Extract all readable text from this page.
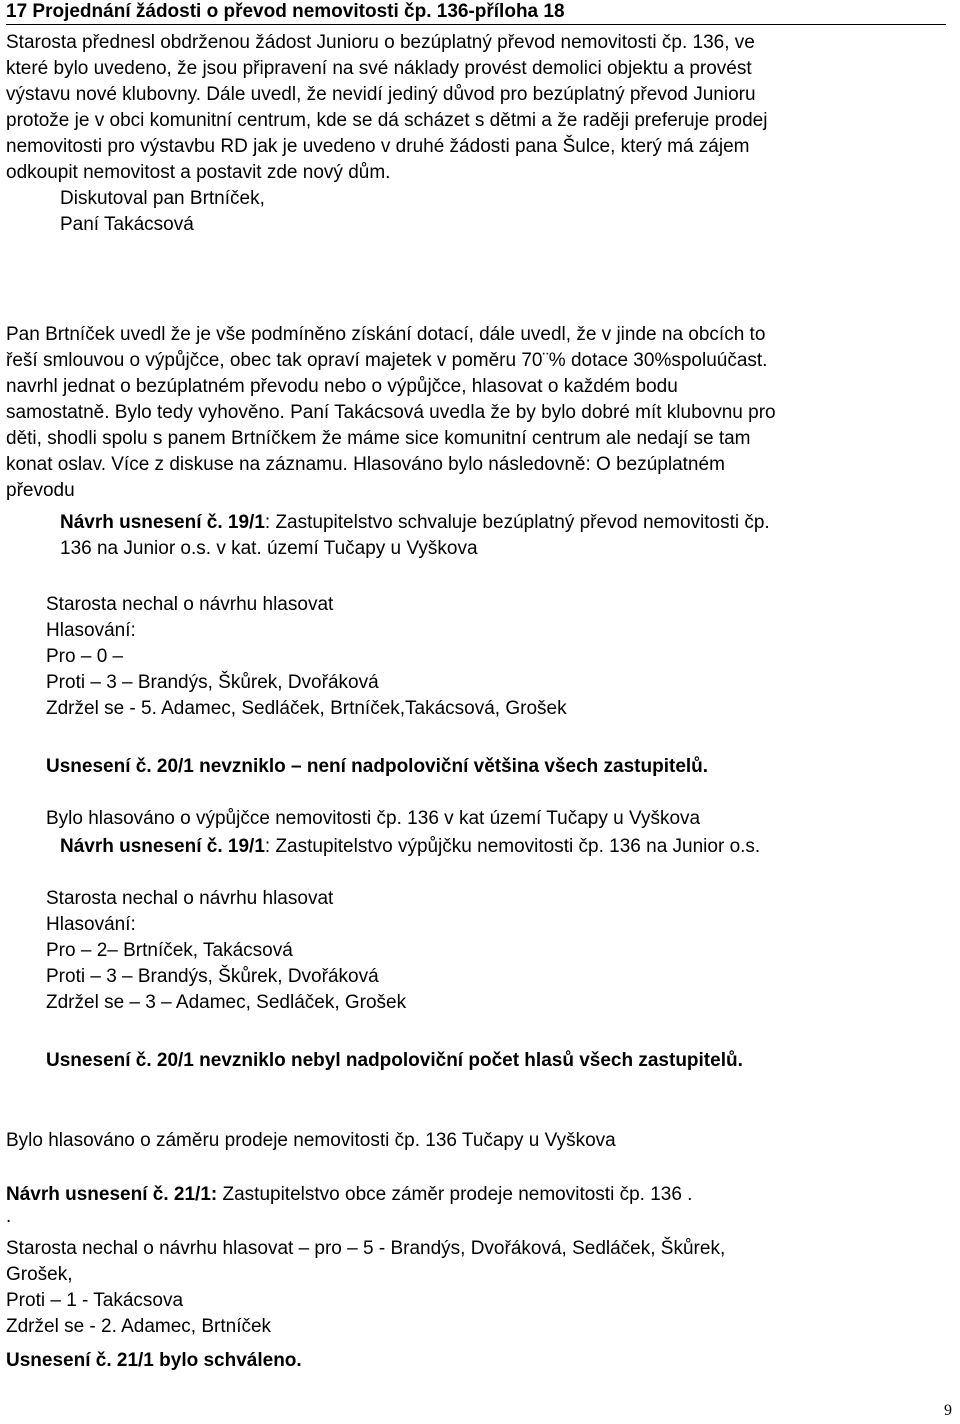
17 Projednání žádosti o převod nemovitosti čp. 136-příloha 18
Starosta přednesl obdrženou žádost Junioru o bezúplatný převod nemovitosti čp. 136, ve
které bylo uvedeno, že jsou připravení na své náklady provést demolici objektu a provést
výstavu nové klubovny. Dále uvedl, že nevidí jediný důvod pro bezúplatný převod Junioru
protože je v obci komunitní centrum, kde se dá scházet s dětmi a že raději preferuje prodej
nemovitosti pro výstavbu RD jak je uvedeno v druhé žádosti pana Šulce, který má zájem
odkoupit nemovitost a postavit zde nový dům.
Diskutoval pan Brtníček,
Paní Takácsová
Pan Brtníček uvedl že je vše podmíněno získání dotací, dále uvedl, že v jinde na obcích to
řeší smlouvou o výpůjčce, obec tak opraví majetek v poměru 70¨% dotace 30%spoluúčast.
navrhl jednat o bezúplatném převodu nebo o výpůjčce, hlasovat o každém bodu
samostatně. Bylo tedy vyhověno. Paní Takácsová uvedla že by bylo dobré mít klubovnu pro
děti, shodli spolu s panem Brtníčkem že máme sice komunitní centrum ale nedají se tam
konat oslav. Více z diskuse na záznamu. Hlasováno bylo následovně: O bezúplatném
převodu
Návrh usnesení č. 19/1: Zastupitelstvo schvaluje bezúplatný převod nemovitosti čp.
136 na Junior o.s. v kat. území Tučapy u Vyškova
Starosta nechal o návrhu hlasovat
Hlasování:
Pro – 0 –
Proti – 3 – Brandýs, Škůrek, Dvořáková
Zdržel se - 5. Adamec, Sedláček, Brtníček,Takácsová, Grošek
Usnesení č. 20/1 nevzniklo – není nadpoloviční většina všech zastupitelů.
Bylo hlasováno o výpůjčce nemovitosti čp. 136 v kat území Tučapy u Vyškova
Návrh usnesení č. 19/1: Zastupitelstvo výpůjčku nemovitosti čp. 136 na Junior o.s.
Starosta nechal o návrhu hlasovat
Hlasování:
Pro – 2– Brtníček, Takácsová
Proti – 3 – Brandýs, Škůrek, Dvořáková
Zdržel se – 3 – Adamec, Sedláček, Grošek
Usnesení č. 20/1 nevzniklo nebyl nadpoloviční počet hlasů všech zastupitelů.
Bylo hlasováno o záměru prodeje nemovitosti čp. 136 Tučapy u Vyškova
Návrh usnesení č. 21/1: Zastupitelstvo obce záměr prodeje nemovitosti čp. 136 .
.
Starosta nechal o návrhu hlasovat – pro – 5 - Brandýs, Dvořáková, Sedláček, Škůrek,
Grošek,
Proti – 1 - Takácsova
Zdržel se - 2. Adamec, Brtníček
Usnesení č. 21/1 bylo schváleno.
9
